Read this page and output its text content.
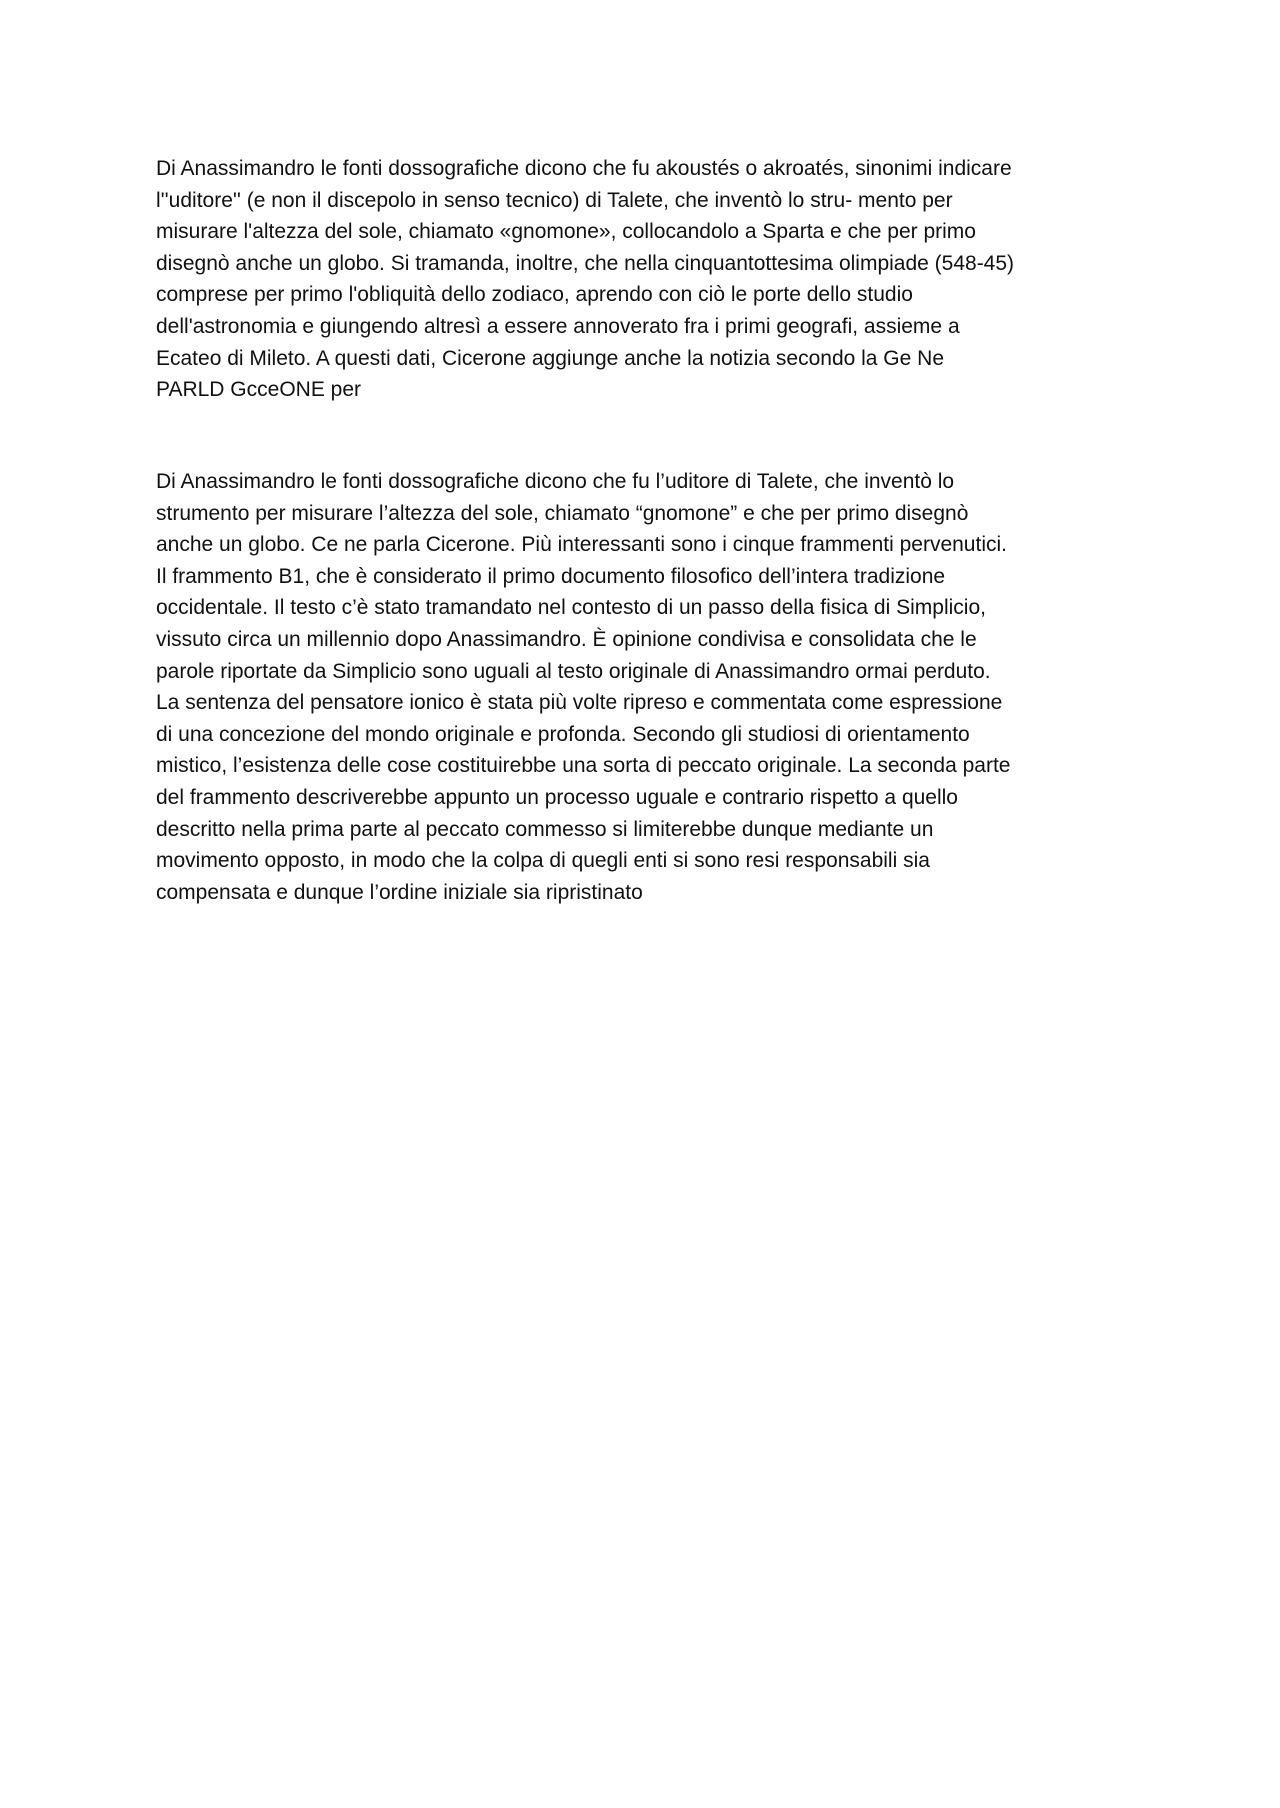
Di Anassimandro le fonti dossografiche dicono che fu akoustés o akroatés, sinonimi indicare
l''uditore'' (e non il discepolo in senso tecnico) di Talete, che inventò lo stru- mento per
misurare l'altezza del sole, chiamato «gnomone», collocandolo a Sparta e che per primo
disegnò anche un globo. Si tramanda, inoltre, che nella cinquantottesima olimpiade (548-45)
comprese per primo l'obliquità dello zodiaco, aprendo con ciò le porte dello studio
dell'astronomia e giungendo altresì a essere annoverato fra i primi geografi, assieme a
Ecateo di Mileto. A questi dati, Cicerone aggiunge anche la notizia secondo la Ge Ne
PARLD GcceONE per
Di Anassimandro le fonti dossografiche dicono che fu l’uditore di Talete, che inventò lo
strumento per misurare l’altezza del sole, chiamato “gnomone” e che per primo disegnò
anche un globo. Ce ne parla Cicerone. Più interessanti sono i cinque frammenti pervenutici.
Il frammento B1, che è considerato il primo documento filosofico dell’intera tradizione
occidentale. Il testo c’è stato tramandato nel contesto di un passo della fisica di Simplicio,
vissuto circa un millennio dopo Anassimandro. È opinione condivisa e consolidata che le
parole riportate da Simplicio sono uguali al testo originale di Anassimandro ormai perduto.
La sentenza del pensatore ionico è stata più volte ripreso e commentata come espressione
di una concezione del mondo originale e profonda. Secondo gli studiosi di orientamento
mistico, l’esistenza delle cose costituirebbe una sorta di peccato originale. La seconda parte
del frammento descriverebbe appunto un processo uguale e contrario rispetto a quello
descritto nella prima parte al peccato commesso si limiterebbe dunque mediante un
movimento opposto, in modo che la colpa di quegli enti si sono resi responsabili sia
compensata e dunque l’ordine iniziale sia ripristinato
